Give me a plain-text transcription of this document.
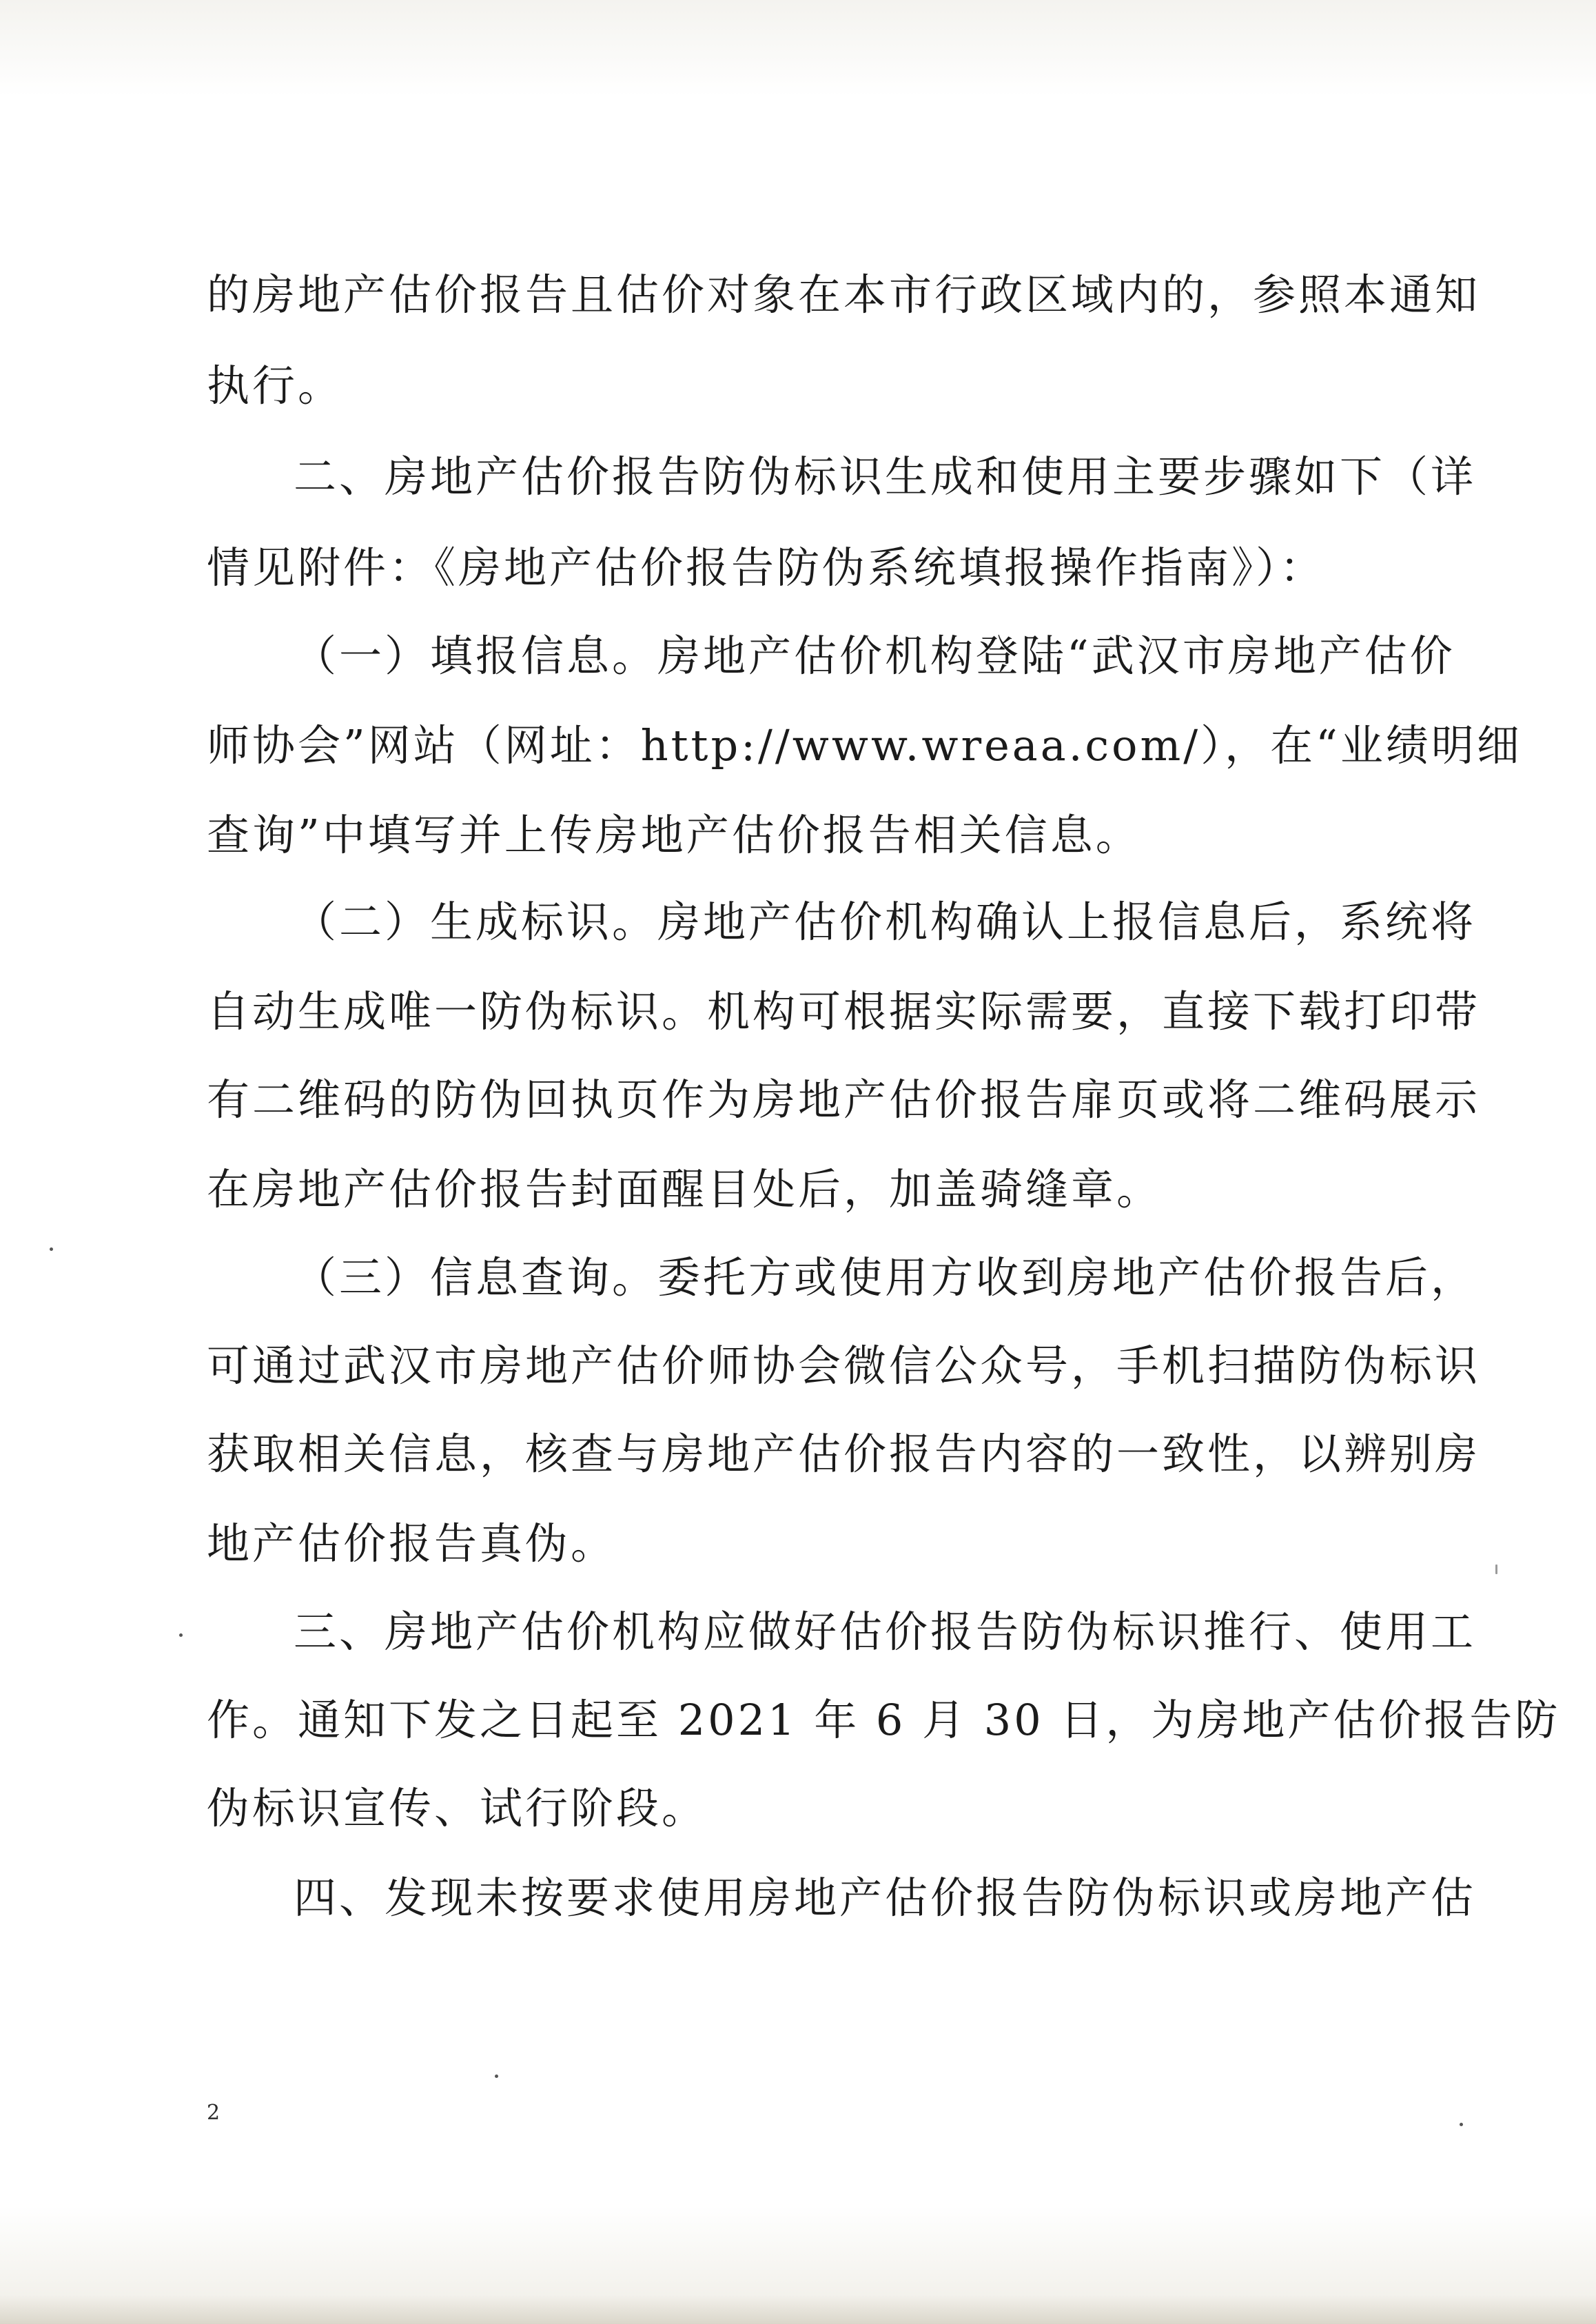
的房地产估价报告且估价对象在本市行政区域内的，参照本通知
执行。
二、房地产估价报告防伪标识生成和使用主要步骤如下（详
情见附件：《房地产估价报告防伪系统填报操作指南》）：
（一）填报信息。房地产估价机构登陆“武汉市房地产估价
师协会”网站（网址：http://www.wreaa.com/），在“业绩明细
查询”中填写并上传房地产估价报告相关信息。
（二）生成标识。房地产估价机构确认上报信息后，系统将
自动生成唯一防伪标识。机构可根据实际需要，直接下载打印带
有二维码的防伪回执页作为房地产估价报告扉页或将二维码展示
在房地产估价报告封面醒目处后，加盖骑缝章。
（三）信息查询。委托方或使用方收到房地产估价报告后，
可通过武汉市房地产估价师协会微信公众号，手机扫描防伪标识
获取相关信息，核查与房地产估价报告内容的一致性，以辨别房
地产估价报告真伪。
三、房地产估价机构应做好估价报告防伪标识推行、使用工
作。通知下发之日起至 2021 年 6 月 30 日，为房地产估价报告防
伪标识宣传、试行阶段。
四、发现未按要求使用房地产估价报告防伪标识或房地产估
2
